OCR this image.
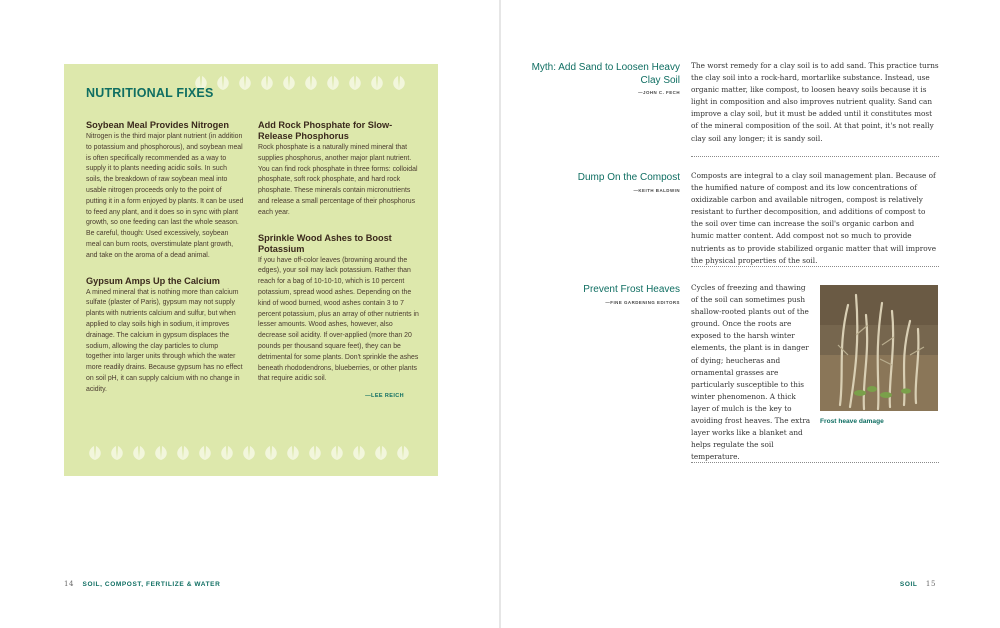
NUTRITIONAL FIXES
Soybean Meal Provides Nitrogen
Nitrogen is the third major plant nutrient (in addition to potassium and phosphorous), and soybean meal is often specifically recommended as a way to supply it to plants needing acidic soils. In such soils, the breakdown of raw soybean meal into usable nitrogen proceeds only to the point of putting it in a form enjoyed by plants. It can be used to feed any plant, and it does so in sync with plant growth, so one feeding can last the whole season. Be careful, though: Used excessively, soybean meal can burn roots, overstimulate plant growth, and take on the aroma of a dead animal.
Gypsum Amps Up the Calcium
A mined mineral that is nothing more than calcium sulfate (plaster of Paris), gypsum may not supply plants with nutrients calcium and sulfur, but when applied to clay soils high in sodium, it improves drainage. The calcium in gypsum displaces the sodium, allowing the clay particles to clump together into larger units through which the water more readily drains. Because gypsum has no effect on soil pH, it can supply calcium with no change in acidity.
Add Rock Phosphate for Slow-Release Phosphorus
Rock phosphate is a naturally mined mineral that supplies phosphorus, another major plant nutrient. You can find rock phosphate in three forms: colloidal phosphate, soft rock phosphate, and hard rock phosphate. These minerals contain micronutrients and release a small percentage of their phosphorus each year.
Sprinkle Wood Ashes to Boost Potassium
If you have off-color leaves (browning around the edges), your soil may lack potassium. Rather than reach for a bag of 10-10-10, which is 10 percent potassium, spread wood ashes. Depending on the kind of wood burned, wood ashes contain 3 to 7 percent potassium, plus an array of other nutrients in lesser amounts. Wood ashes, however, also decrease soil acidity. If over-applied (more than 20 pounds per thousand square feet), they can be detrimental for some plants. Don't sprinkle the ashes beneath rhododendrons, blueberries, or other plants that require acidic soil.
—LEE REICH
14 SOIL, COMPOST, FERTILIZE & WATER
Myth: Add Sand to Loosen Heavy Clay Soil
—JOHN C. FECH
The worst remedy for a clay soil is to add sand. This practice turns the clay soil into a rock-hard, mortarlike substance. Instead, use organic matter, like compost, to loosen heavy soils because it is light in composition and also improves nutrient quality. Sand can improve a clay soil, but it must be added until it constitutes most of the mineral composition of the soil. At that point, it's not really clay soil any longer; it is sandy soil.
Dump On the Compost
—KEITH BALDWIN
Composts are integral to a clay soil management plan. Because of the humified nature of compost and its low concentrations of oxidizable carbon and available nitrogen, compost is relatively resistant to further decomposition, and additions of compost to the soil over time can increase the soil's organic carbon and humic matter content. Add compost not so much to provide nutrients as to provide stabilized organic matter that will improve the physical properties of the soil.
Prevent Frost Heaves
—FINE GARDENING EDITORS
Cycles of freezing and thawing of the soil can sometimes push shallow-rooted plants out of the ground. Once the roots are exposed to the harsh winter elements, the plant is in danger of dying; heucheras and ornamental grasses are particularly susceptible to this winter phenomenon. A thick layer of mulch is the key to avoiding frost heaves. The extra layer works like a blanket and helps regulate the soil temperature.
Frost heave damage
SOIL 15
